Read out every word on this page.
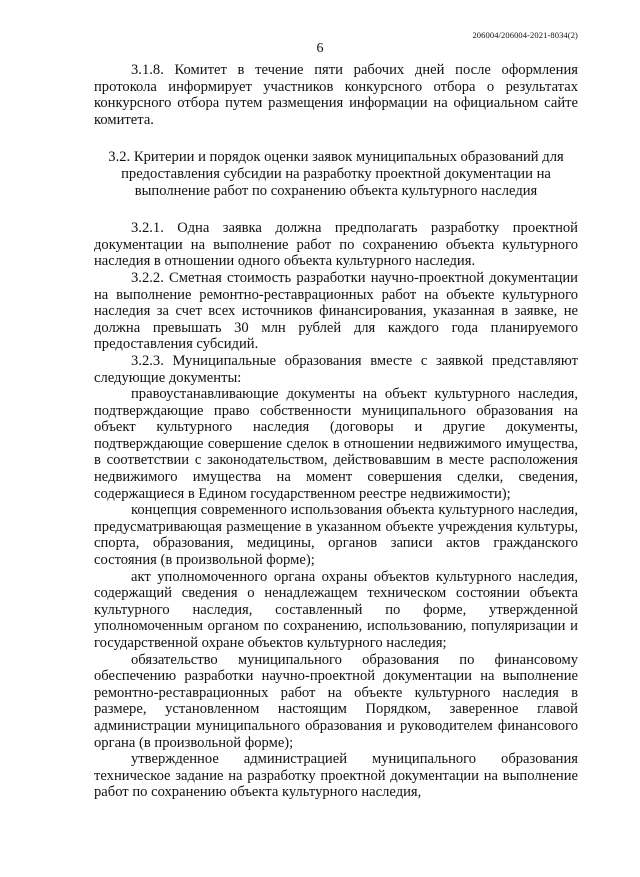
206004/206004-2021-8034(2)
6

3.1.8. Комитет в течение пяти рабочих дней после оформления протокола информирует участников конкурсного отбора о результатах конкурсного отбора путем размещения информации на официальном сайте комитета.

3.2. Критерии и порядок оценки заявок муниципальных образований для предоставления субсидии на разработку проектной документации на выполнение работ по сохранению объекта культурного наследия

3.2.1. Одна заявка должна предполагать разработку проектной документации на выполнение работ по сохранению объекта культурного наследия в отношении одного объекта культурного наследия.

3.2.2. Сметная стоимость разработки научно-проектной документации на выполнение ремонтно-реставрационных работ на объекте культурного наследия за счет всех источников финансирования, указанная в заявке, не должна превышать 30 млн рублей для каждого года планируемого предоставления субсидий.

3.2.3. Муниципальные образования вместе с заявкой представляют следующие документы:

правоустанавливающие документы на объект культурного наследия, подтверждающие право собственности муниципального образования на объект культурного наследия (договоры и другие документы, подтверждающие совершение сделок в отношении недвижимого имущества, в соответствии с законодательством, действовавшим в месте расположения недвижимого имущества на момент совершения сделки, сведения, содержащиеся в Едином государственном реестре недвижимости);

концепция современного использования объекта культурного наследия, предусматривающая размещение в указанном объекте учреждения культуры, спорта, образования, медицины, органов записи актов гражданского состояния (в произвольной форме);

акт уполномоченного органа охраны объектов культурного наследия, содержащий сведения о ненадлежащем техническом состоянии объекта культурного наследия, составленный по форме, утвержденной уполномоченным органом по сохранению, использованию, популяризации и государственной охране объектов культурного наследия;

обязательство муниципального образования по финансовому обеспечению разработки научно-проектной документации на выполнение ремонтно-реставрационных работ на объекте культурного наследия в размере, установленном настоящим Порядком, заверенное главой администрации муниципального образования и руководителем финансового органа (в произвольной форме);

утвержденное администрацией муниципального образования техническое задание на разработку проектной документации на выполнение работ по сохранению объекта культурного наследия,
